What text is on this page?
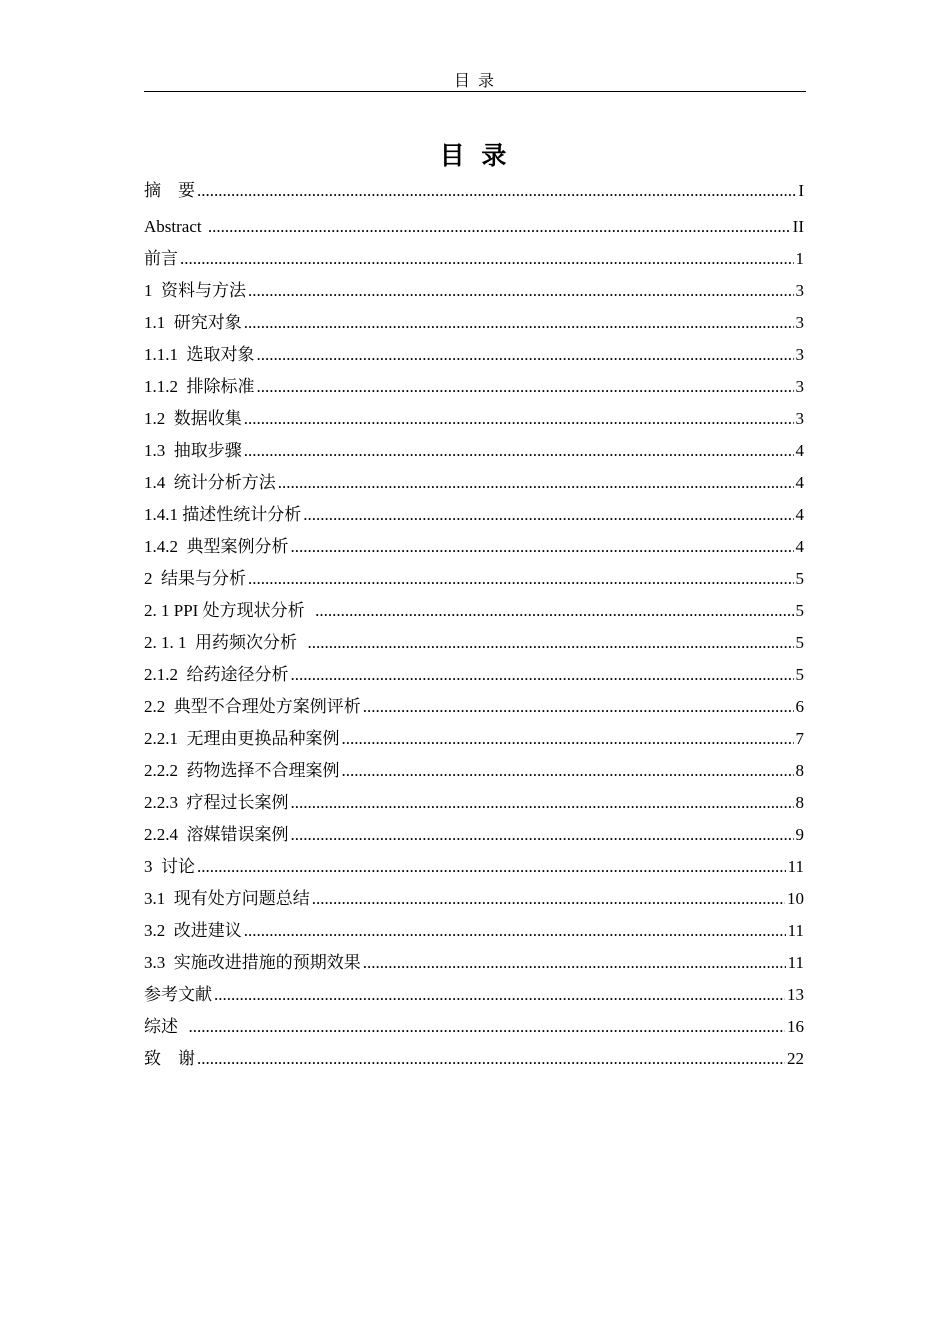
目 录
目 录
摘    要 .....	I
Abstract .....	II
前言 .....	1
1  资料与方法 .....	3
1.1  研究对象 .....	3
1.1.1  选取对象 .....	3
1.1.2  排除标准 .....	3
1.2  数据收集 .....	3
1.3  抽取步骤 .....	4
1.4  统计分析方法 .....	4
1.4.1 描述性统计分析 .....	4
1.4.2  典型案例分析 .....	4
2  结果与分析 .....	5
2. 1 PPI 处方现状分析 .....	5
2. 1. 1  用药频次分析 .....	5
2.1.2  给药途径分析 .....	5
2.2  典型不合理处方案例评析 .....	6
2.2.1  无理由更换品种案例 .....	7
2.2.2  药物选择不合理案例 .....	8
2.2.3  疗程过长案例 .....	8
2.2.4  溶媒错误案例 .....	9
3  讨论 .....	11
3.1  现有处方问题总结 .....	10
3.2  改进建议 .....	11
3.3  实施改进措施的预期效果 .....	11
参考文献 .....	13
综述 .....	16
致    谢 .....	22
